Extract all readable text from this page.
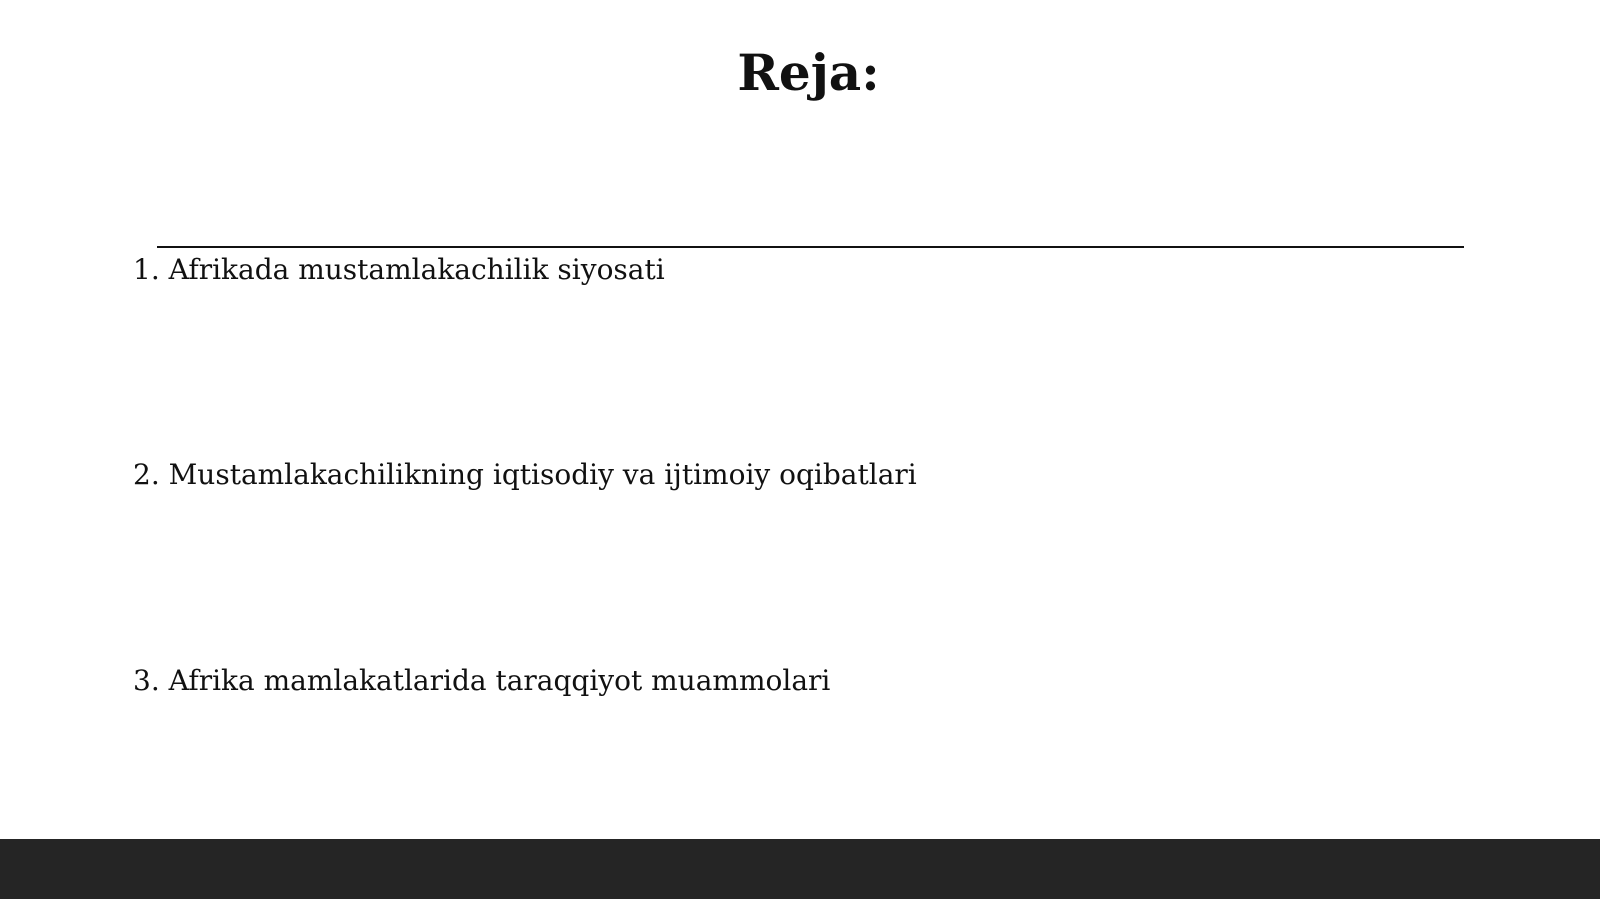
Reja:
1. Afrikada mustamlakachilik siyosati
2. Mustamlakachilikning iqtisodiy va ijtimoiy oqibatlari
3. Afrika mamlakatlarida taraqqiyot muammolari
